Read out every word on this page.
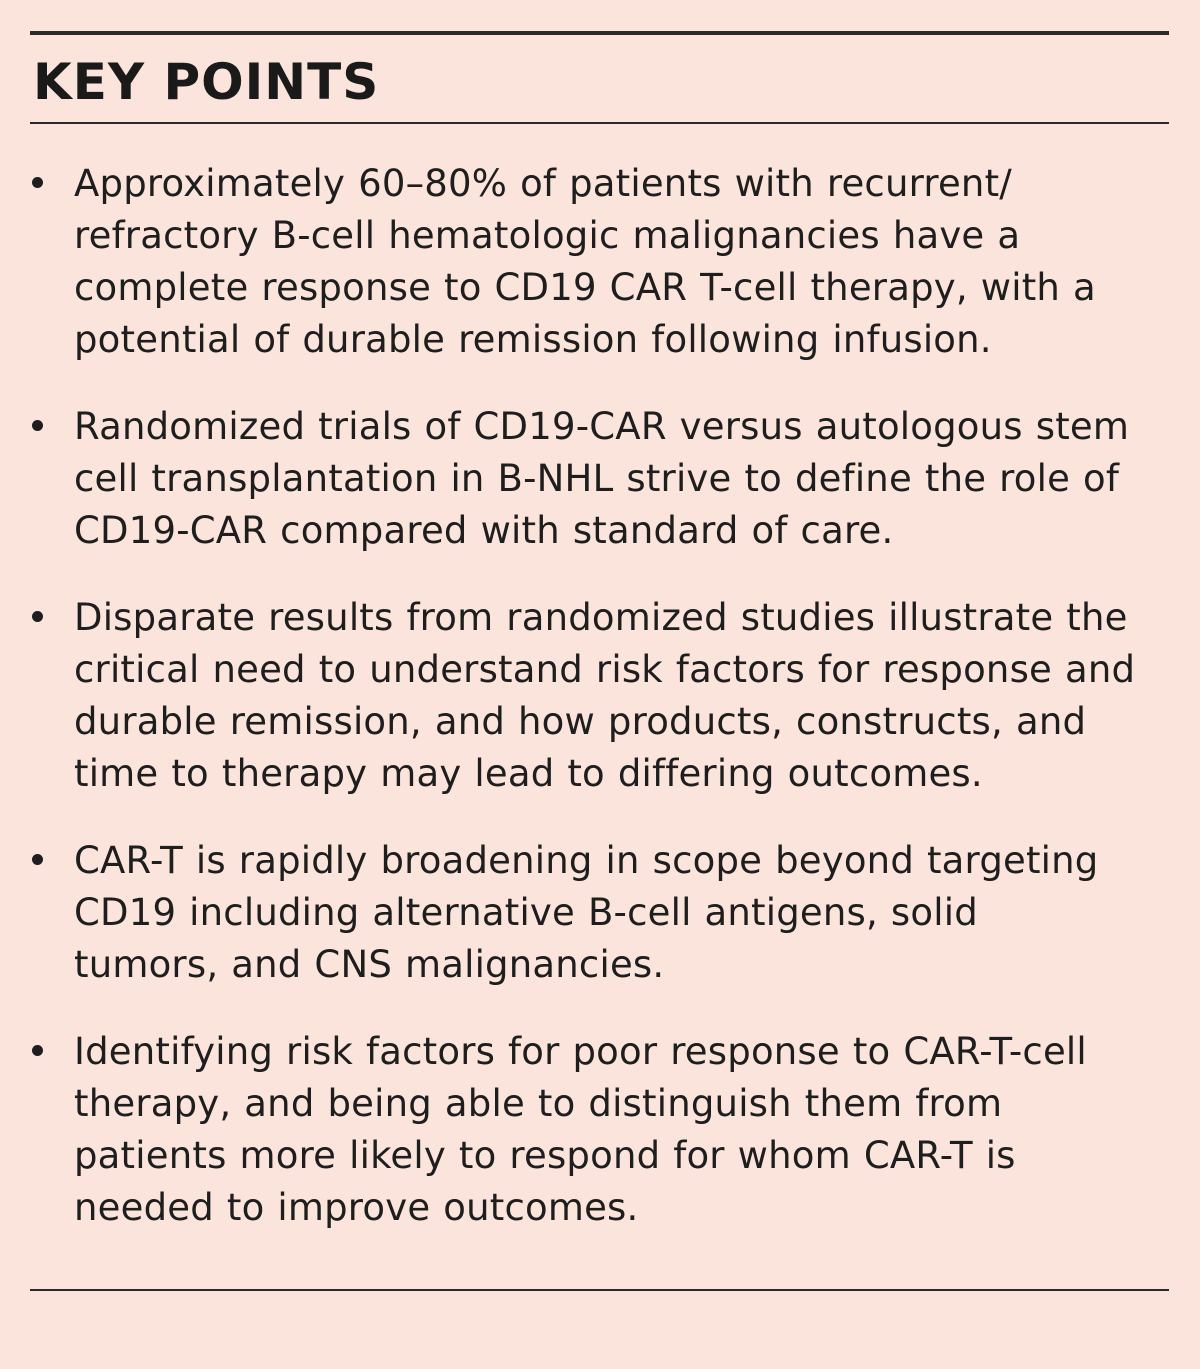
KEY POINTS
Approximately 60–80% of patients with recurrent/
refractory B-cell hematologic malignancies have a
complete response to CD19 CAR T-cell therapy, with a
potential of durable remission following infusion.
Randomized trials of CD19-CAR versus autologous stem
cell transplantation in B-NHL strive to define the role of
CD19-CAR compared with standard of care.
Disparate results from randomized studies illustrate the
critical need to understand risk factors for response and
durable remission, and how products, constructs, and
time to therapy may lead to differing outcomes.
CAR-T is rapidly broadening in scope beyond targeting
CD19 including alternative B-cell antigens, solid
tumors, and CNS malignancies.
Identifying risk factors for poor response to CAR-T-cell
therapy, and being able to distinguish them from
patients more likely to respond for whom CAR-T is
needed to improve outcomes.
